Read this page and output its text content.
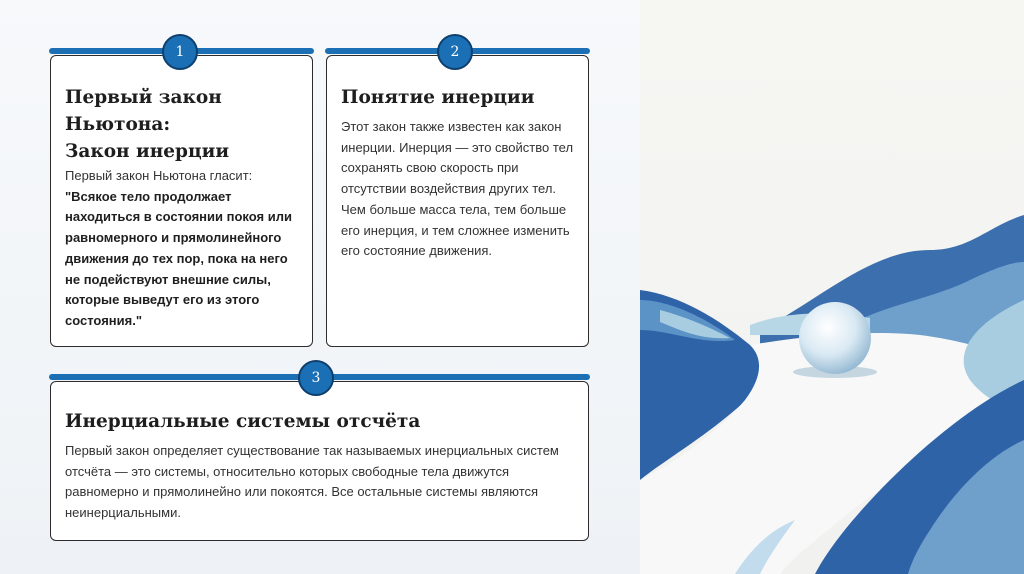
Первый закон Ньютона:
Закон инерции

Первый закон Ньютона гласит:
"Всякое тело продолжает находиться в состоянии покоя или равномерного и прямолинейного движения до тех пор, пока на него не подействуют внешние силы, которые выведут его из этого состояния."

1
Понятие инерции

Этот закон также известен как закон инерции. Инерция — это свойство тел сохранять свою скорость при отсутствии воздействия других тел. Чем больше масса тела, тем больше его инерция, и тем сложнее изменить его состояние движения.

2
Инерциальные системы отсчёта

Первый закон определяет существование так называемых инерциальных систем отсчёта — это системы, относительно которых свободные тела движутся равномерно и прямолинейно или покоятся. Все остальные системы являются неинерциальными.

3
